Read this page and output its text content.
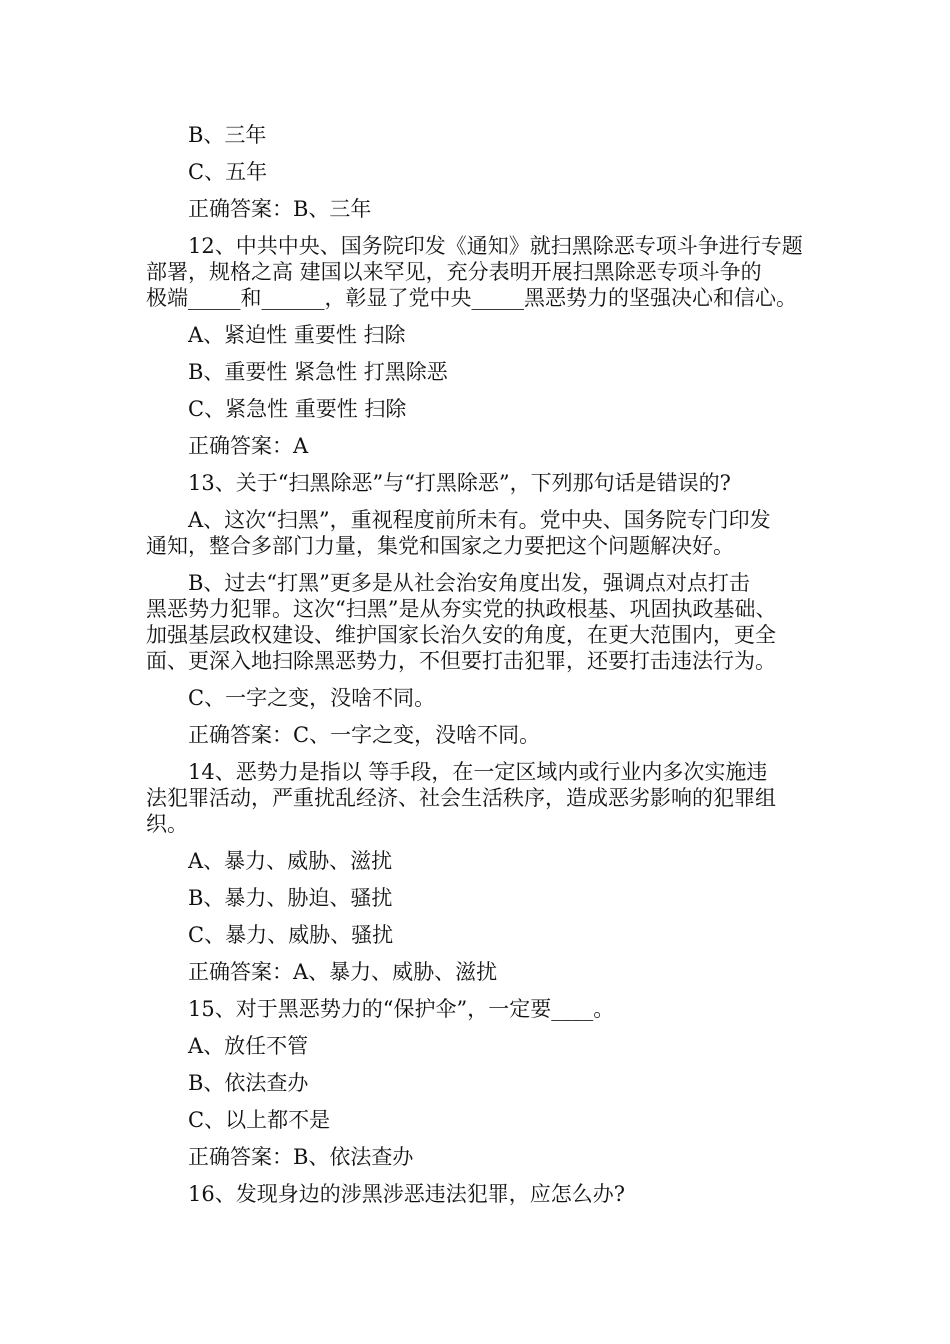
B、三年
C、五年
正确答案：B、三年
12、中共中央、国务院印发《通知》就扫黑除恶专项斗争进行专题
部署，规格之高 建国以来罕见，充分表明开展扫黑除恶专项斗争的
极端_____和______，彰显了党中央_____黑恶势力的坚强决心和信心。
A、紧迫性 重要性 扫除
B、重要性 紧急性 打黑除恶
C、紧急性 重要性 扫除
正确答案：A
13、关于“扫黑除恶”与“打黑除恶”，下列那句话是错误的?
A、这次“扫黑”，重视程度前所未有。党中央、国务院专门印发
通知，整合多部门力量，集党和国家之力要把这个问题解决好。
B、过去“打黑”更多是从社会治安角度出发，强调点对点打击
黑恶势力犯罪。这次“扫黑”是从夯实党的执政根基、巩固执政基础、
加强基层政权建设、维护国家长治久安的角度，在更大范围内，更全
面、更深入地扫除黑恶势力，不但要打击犯罪，还要打击违法行为。
C、一字之变，没啥不同。
正确答案：C、一字之变，没啥不同。
14、恶势力是指以 等手段，在一定区域内或行业内多次实施违
法犯罪活动，严重扰乱经济、社会生活秩序，造成恶劣影响的犯罪组
织。
A、暴力、威胁、滋扰
B、暴力、胁迫、骚扰
C、暴力、威胁、骚扰
正确答案：A、暴力、威胁、滋扰
15、对于黑恶势力的“保护伞”，一定要____。
A、放任不管
B、依法查办
C、以上都不是
正确答案：B、依法查办
16、发现身边的涉黑涉恶违法犯罪，应怎么办?
